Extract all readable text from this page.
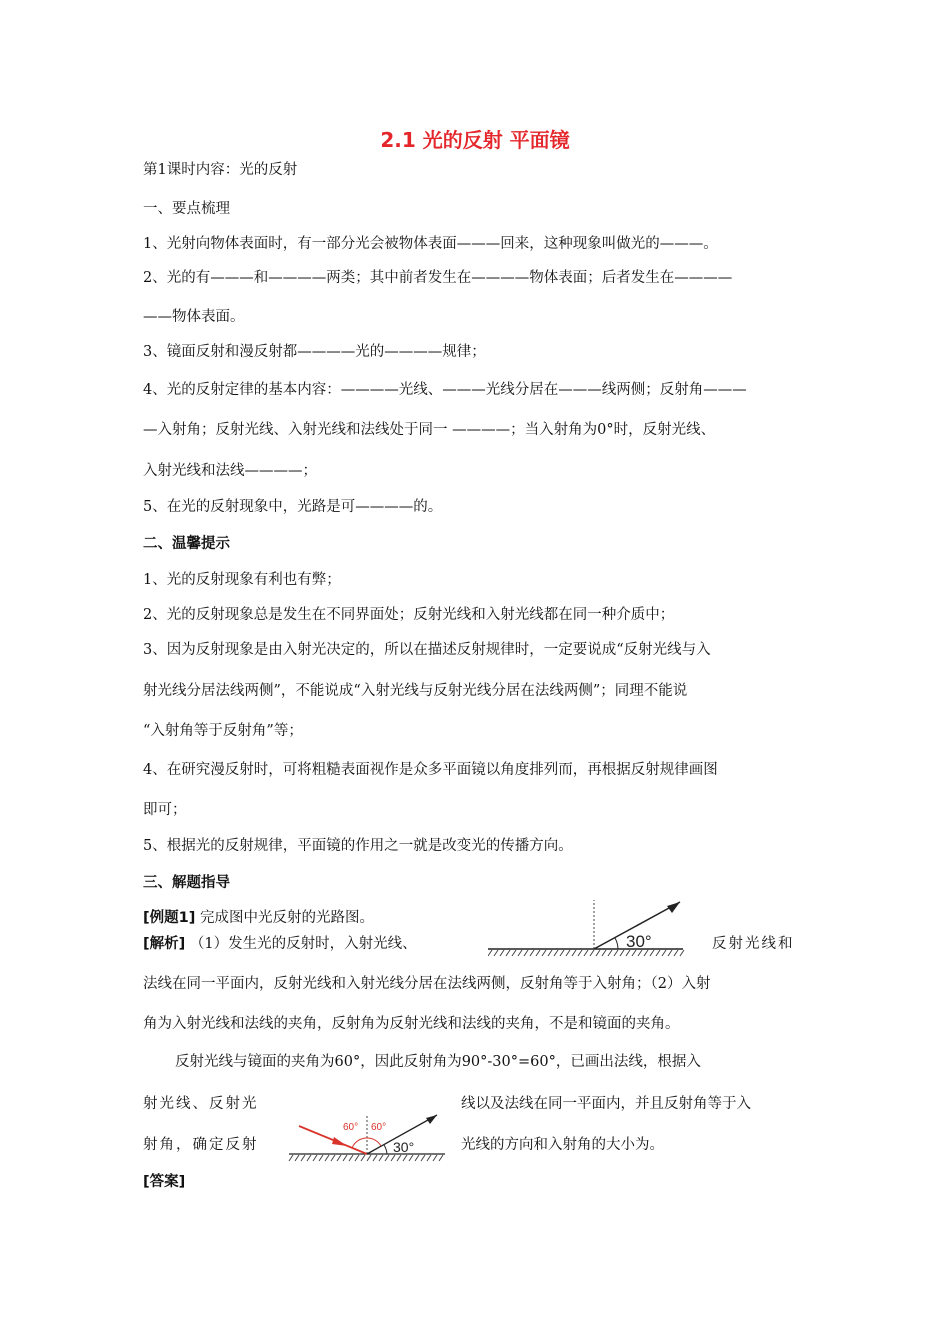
2.1 光的反射 平面镜
第1课时内容：光的反射
一、要点梳理
1、光射向物体表面时，有一部分光会被物体表面———回来，这种现象叫做光的———。
2、光的有———和————两类；其中前者发生在————物体表面；后者发生在————
——物体表面。
3、镜面反射和漫反射都————光的————规律；
4、光的反射定律的基本内容：————光线、———光线分居在———线两侧；反射角———
—入射角；反射光线、入射光线和法线处于同一 ————；当入射角为0°时，反射光线、
入射光线和法线————；
5、在光的反射现象中，光路是可————的。
二、温馨提示
1、光的反射现象有利也有弊；
2、光的反射现象总是发生在不同界面处；反射光线和入射光线都在同一种介质中；
3、因为反射现象是由入射光决定的，所以在描述反射规律时，一定要说成“反射光线与入
射光线分居法线两侧”，不能说成“入射光线与反射光线分居在法线两侧”；同理不能说
“入射角等于反射角”等；
4、在研究漫反射时，可将粗糙表面视作是众多平面镜以角度排列而，再根据反射规律画图
即可；
5、根据光的反射规律，平面镜的作用之一就是改变光的传播方向。
三、解题指导
[例题1] 完成图中光反射的光路图。
[解析] （1）发生光的反射时，入射光线、	反射光线和
法线在同一平面内，反射光线和入射光线分居在法线两侧，反射角等于入射角；（2）入射
角为入射光线和法线的夹角，反射角为反射光线和法线的夹角，不是和镜面的夹角。
反射光线与镜面的夹角为60°，因此反射角为90°-30°=60°，已画出法线，根据入
射光线、反射光	线以及法线在同一平面内，并且反射角等于入
射角，确定反射	光线的方向和入射角的大小为。
[答案]
30°
60° 60°
30°
